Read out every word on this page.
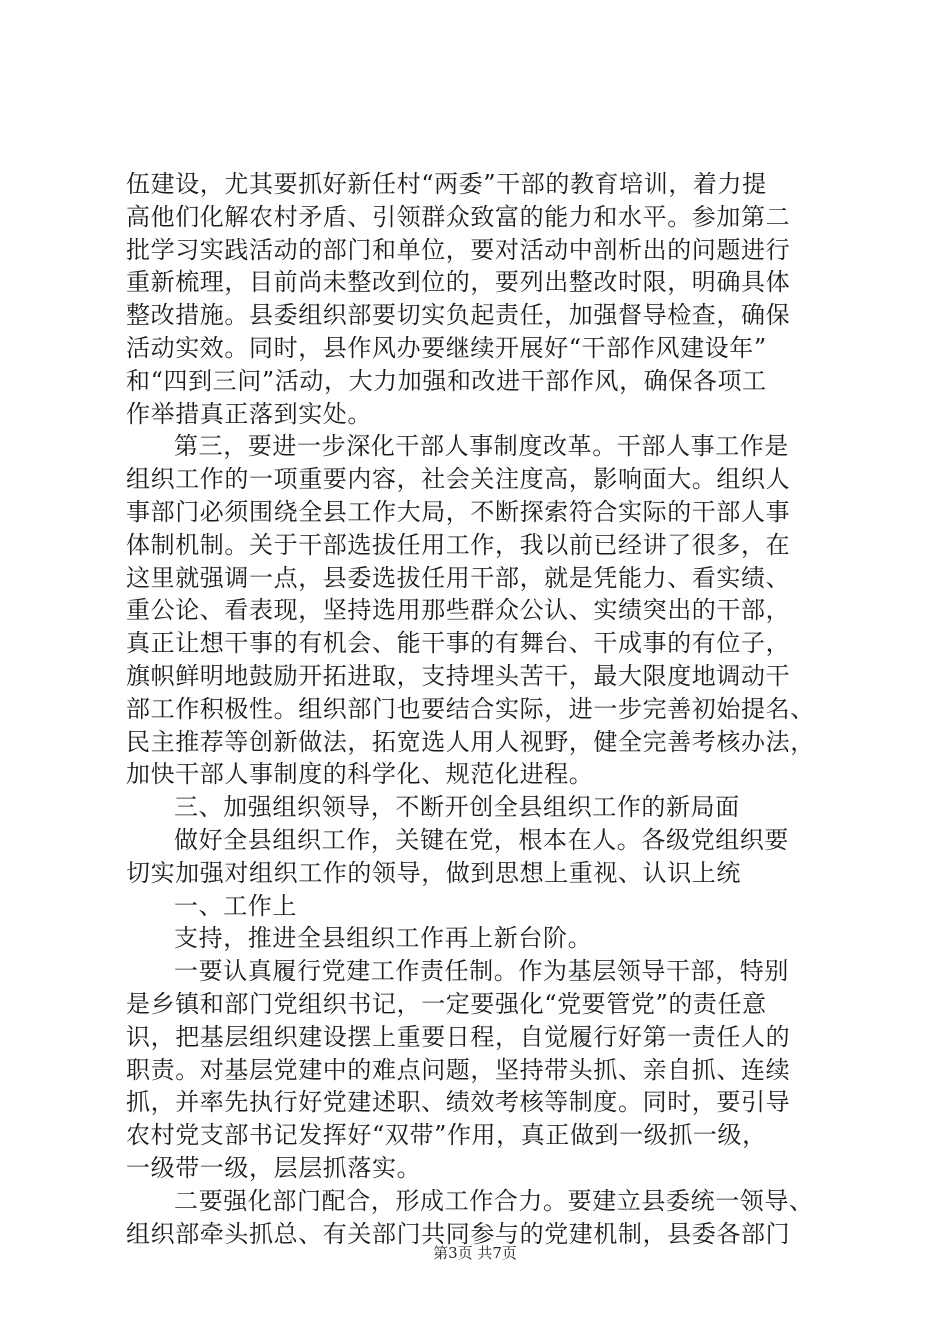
伍建设，尤其要抓好新任村“两委”干部的教育培训，着力提
高他们化解农村矛盾、引领群众致富的能力和水平。参加第二
批学习实践活动的部门和单位，要对活动中剖析出的问题进行
重新梳理，目前尚未整改到位的，要列出整改时限，明确具体
整改措施。县委组织部要切实负起责任，加强督导检查，确保
活动实效。同时，县作风办要继续开展好“干部作风建设年”
和“四到三问”活动，大力加强和改进干部作风，确保各项工
作举措真正落到实处。
第三，要进一步深化干部人事制度改革。干部人事工作是
组织工作的一项重要内容，社会关注度高，影响面大。组织人
事部门必须围绕全县工作大局，不断探索符合实际的干部人事
体制机制。关于干部选拔任用工作，我以前已经讲了很多，在
这里就强调一点，县委选拔任用干部，就是凭能力、看实绩、
重公论、看表现，坚持选用那些群众公认、实绩突出的干部，
真正让想干事的有机会、能干事的有舞台、干成事的有位子，
旗帜鲜明地鼓励开拓进取，支持埋头苦干，最大限度地调动干
部工作积极性。组织部门也要结合实际，进一步完善初始提名、
民主推荐等创新做法，拓宽选人用人视野，健全完善考核办法，
加快干部人事制度的科学化、规范化进程。
三、加强组织领导，不断开创全县组织工作的新局面
做好全县组织工作，关键在党，根本在人。各级党组织要
切实加强对组织工作的领导，做到思想上重视、认识上统
一、工作上
支持，推进全县组织工作再上新台阶。
一要认真履行党建工作责任制。作为基层领导干部，特别
是乡镇和部门党组织书记，一定要强化“党要管党”的责任意
识，把基层组织建设摆上重要日程，自觉履行好第一责任人的
职责。对基层党建中的难点问题，坚持带头抓、亲自抓、连续
抓，并率先执行好党建述职、绩效考核等制度。同时，要引导
农村党支部书记发挥好“双带”作用，真正做到一级抓一级，
一级带一级，层层抓落实。
二要强化部门配合，形成工作合力。要建立县委统一领导、
组织部牵头抓总、有关部门共同参与的党建机制，县委各部门
第3页 共7页
